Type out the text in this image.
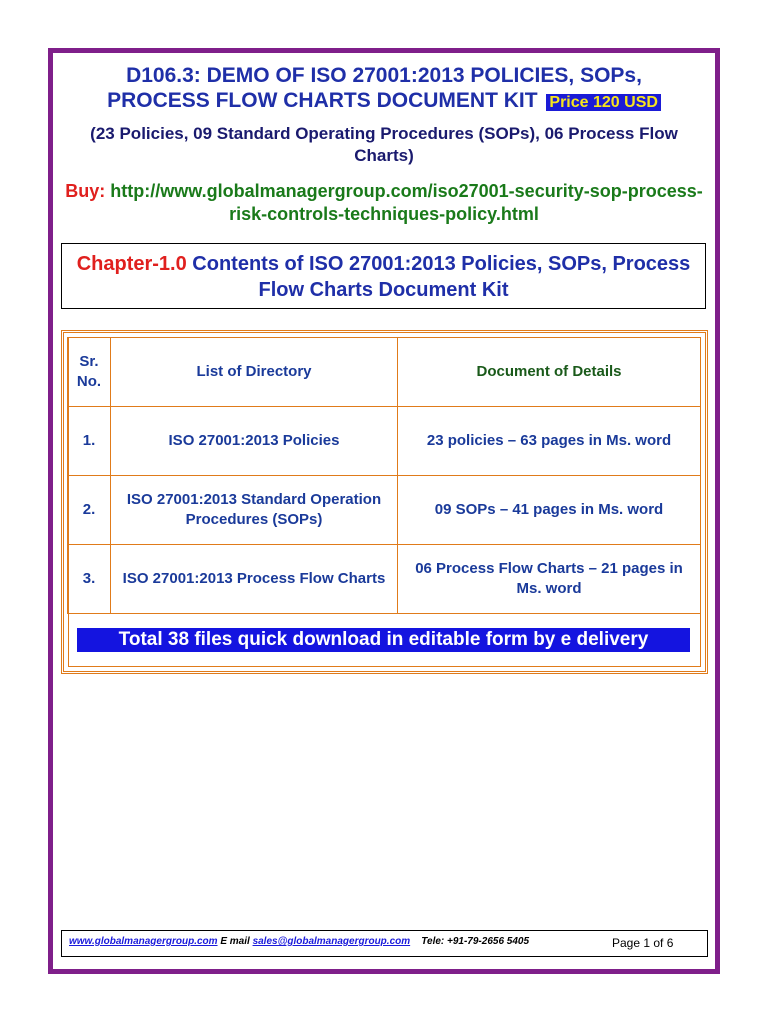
D106.3: DEMO OF ISO 27001:2013 POLICIES, SOPs,
PROCESS FLOW CHARTS DOCUMENT KIT Price 120 USD
(23 Policies, 09 Standard Operating Procedures (SOPs), 06 Process Flow Charts)
Buy: http://www.globalmanagergroup.com/iso27001-security-sop-process-risk-controls-techniques-policy.html
Chapter-1.0 Contents of ISO 27001:2013 Policies, SOPs, Process Flow Charts Document Kit
Sr. No.	List of Directory	Document of Details
1.	ISO 27001:2013 Policies	23 policies – 63 pages in Ms. word
2.	ISO 27001:2013 Standard Operation Procedures (SOPs)	09 SOPs – 41 pages in Ms. word
3.	ISO 27001:2013 Process Flow Charts	06 Process Flow Charts – 21 pages in Ms. word
Total 38 files quick download in editable form by e delivery
www.globalmanagergroup.com E mail sales@globalmanagergroup.com Tele: +91-79-2656 5405	Page 1 of 6
